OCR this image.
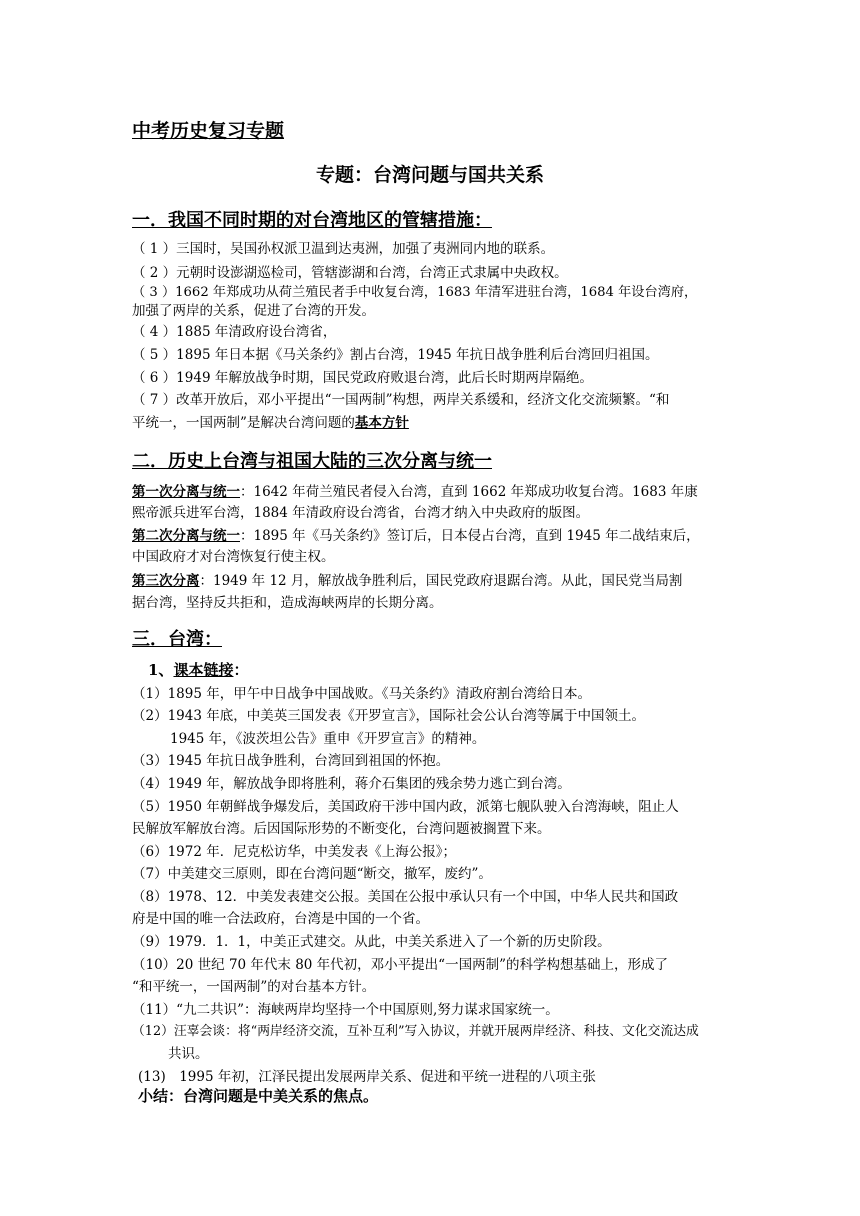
中考历史复习专题
专题：台湾问题与国共关系
一．我国不同时期的对台湾地区的管辖措施：
（ 1 ）三国时，吴国孙权派卫温到达夷洲，加强了夷洲同内地的联系。
（ 2 ）元朝时设澎湖巡检司，管辖澎湖和台湾，台湾正式隶属中央政权。
（ 3 ）1662 年郑成功从荷兰殖民者手中收复台湾，1683 年清军进驻台湾，1684 年设台湾府，
加强了两岸的关系，促进了台湾的开发。
（ 4 ）1885 年清政府设台湾省，
（ 5 ）1895 年日本据《马关条约》割占台湾，1945 年抗日战争胜利后台湾回归祖国。
（ 6 ）1949 年解放战争时期，国民党政府败退台湾，此后长时期两岸隔绝。
（ 7 ）改革开放后，邓小平提出“一国两制”构想，两岸关系缓和，经济文化交流频繁。“和
平统一，一国两制”是解决台湾问题的基本方针
二．历史上台湾与祖国大陆的三次分离与统一
第一次分离与统一：1642 年荷兰殖民者侵入台湾，直到 1662 年郑成功收复台湾。1683 年康
熙帝派兵进军台湾，1884 年清政府设台湾省，台湾才纳入中央政府的版图。
第二次分离与统一：1895 年《马关条约》签订后，日本侵占台湾，直到 1945 年二战结束后，
中国政府才对台湾恢复行使主权。
第三次分离：1949 年 12 月，解放战争胜利后，国民党政府退踞台湾。从此，国民党当局割
据台湾，坚持反共拒和，造成海峡两岸的长期分离。
三．台湾：
1、课本链接：
（1）1895 年，甲午中日战争中国战败。《马关条约》清政府割台湾给日本。
（2）1943 年底，中美英三国发表《开罗宣言》，国际社会公认台湾等属于中国领土。
1945 年，《波茨坦公告》重申《开罗宣言》的精神。
（3）1945 年抗日战争胜利，台湾回到祖国的怀抱。
（4）1949 年，解放战争即将胜利，蒋介石集团的残余势力逃亡到台湾。
（5）1950 年朝鲜战争爆发后，美国政府干涉中国内政，派第七舰队驶入台湾海峡，阻止人
民解放军解放台湾。后因国际形势的不断变化，台湾问题被搁置下来。
（6）1972 年．尼克松访华，中美发表《上海公报》；
（7）中美建交三原则，即在台湾问题“断交，撤军，废约”。
（8）1978、12．中美发表建交公报。美国在公报中承认只有一个中国，中华人民共和国政
府是中国的唯一合法政府，台湾是中国的一个省。
（9）1979．1．1，中美正式建交。从此，中美关系进入了一个新的历史阶段。
（10）20 世纪 70 年代末 80 年代初，邓小平提出“一国两制”的科学构想基础上，形成了
“和平统一，一国两制”的对台基本方针。
（11）“九二共识”：海峡两岸均坚持一个中国原则,努力谋求国家统一。
（12）汪辜会谈：将“两岸经济交流，互补互利”写入协议，并就开展两岸经济、科技、文化交流达成
共识。
(13)　1995 年初，江泽民提出发展两岸关系、促进和平统一进程的八项主张
小结：台湾问题是中美关系的焦点。
